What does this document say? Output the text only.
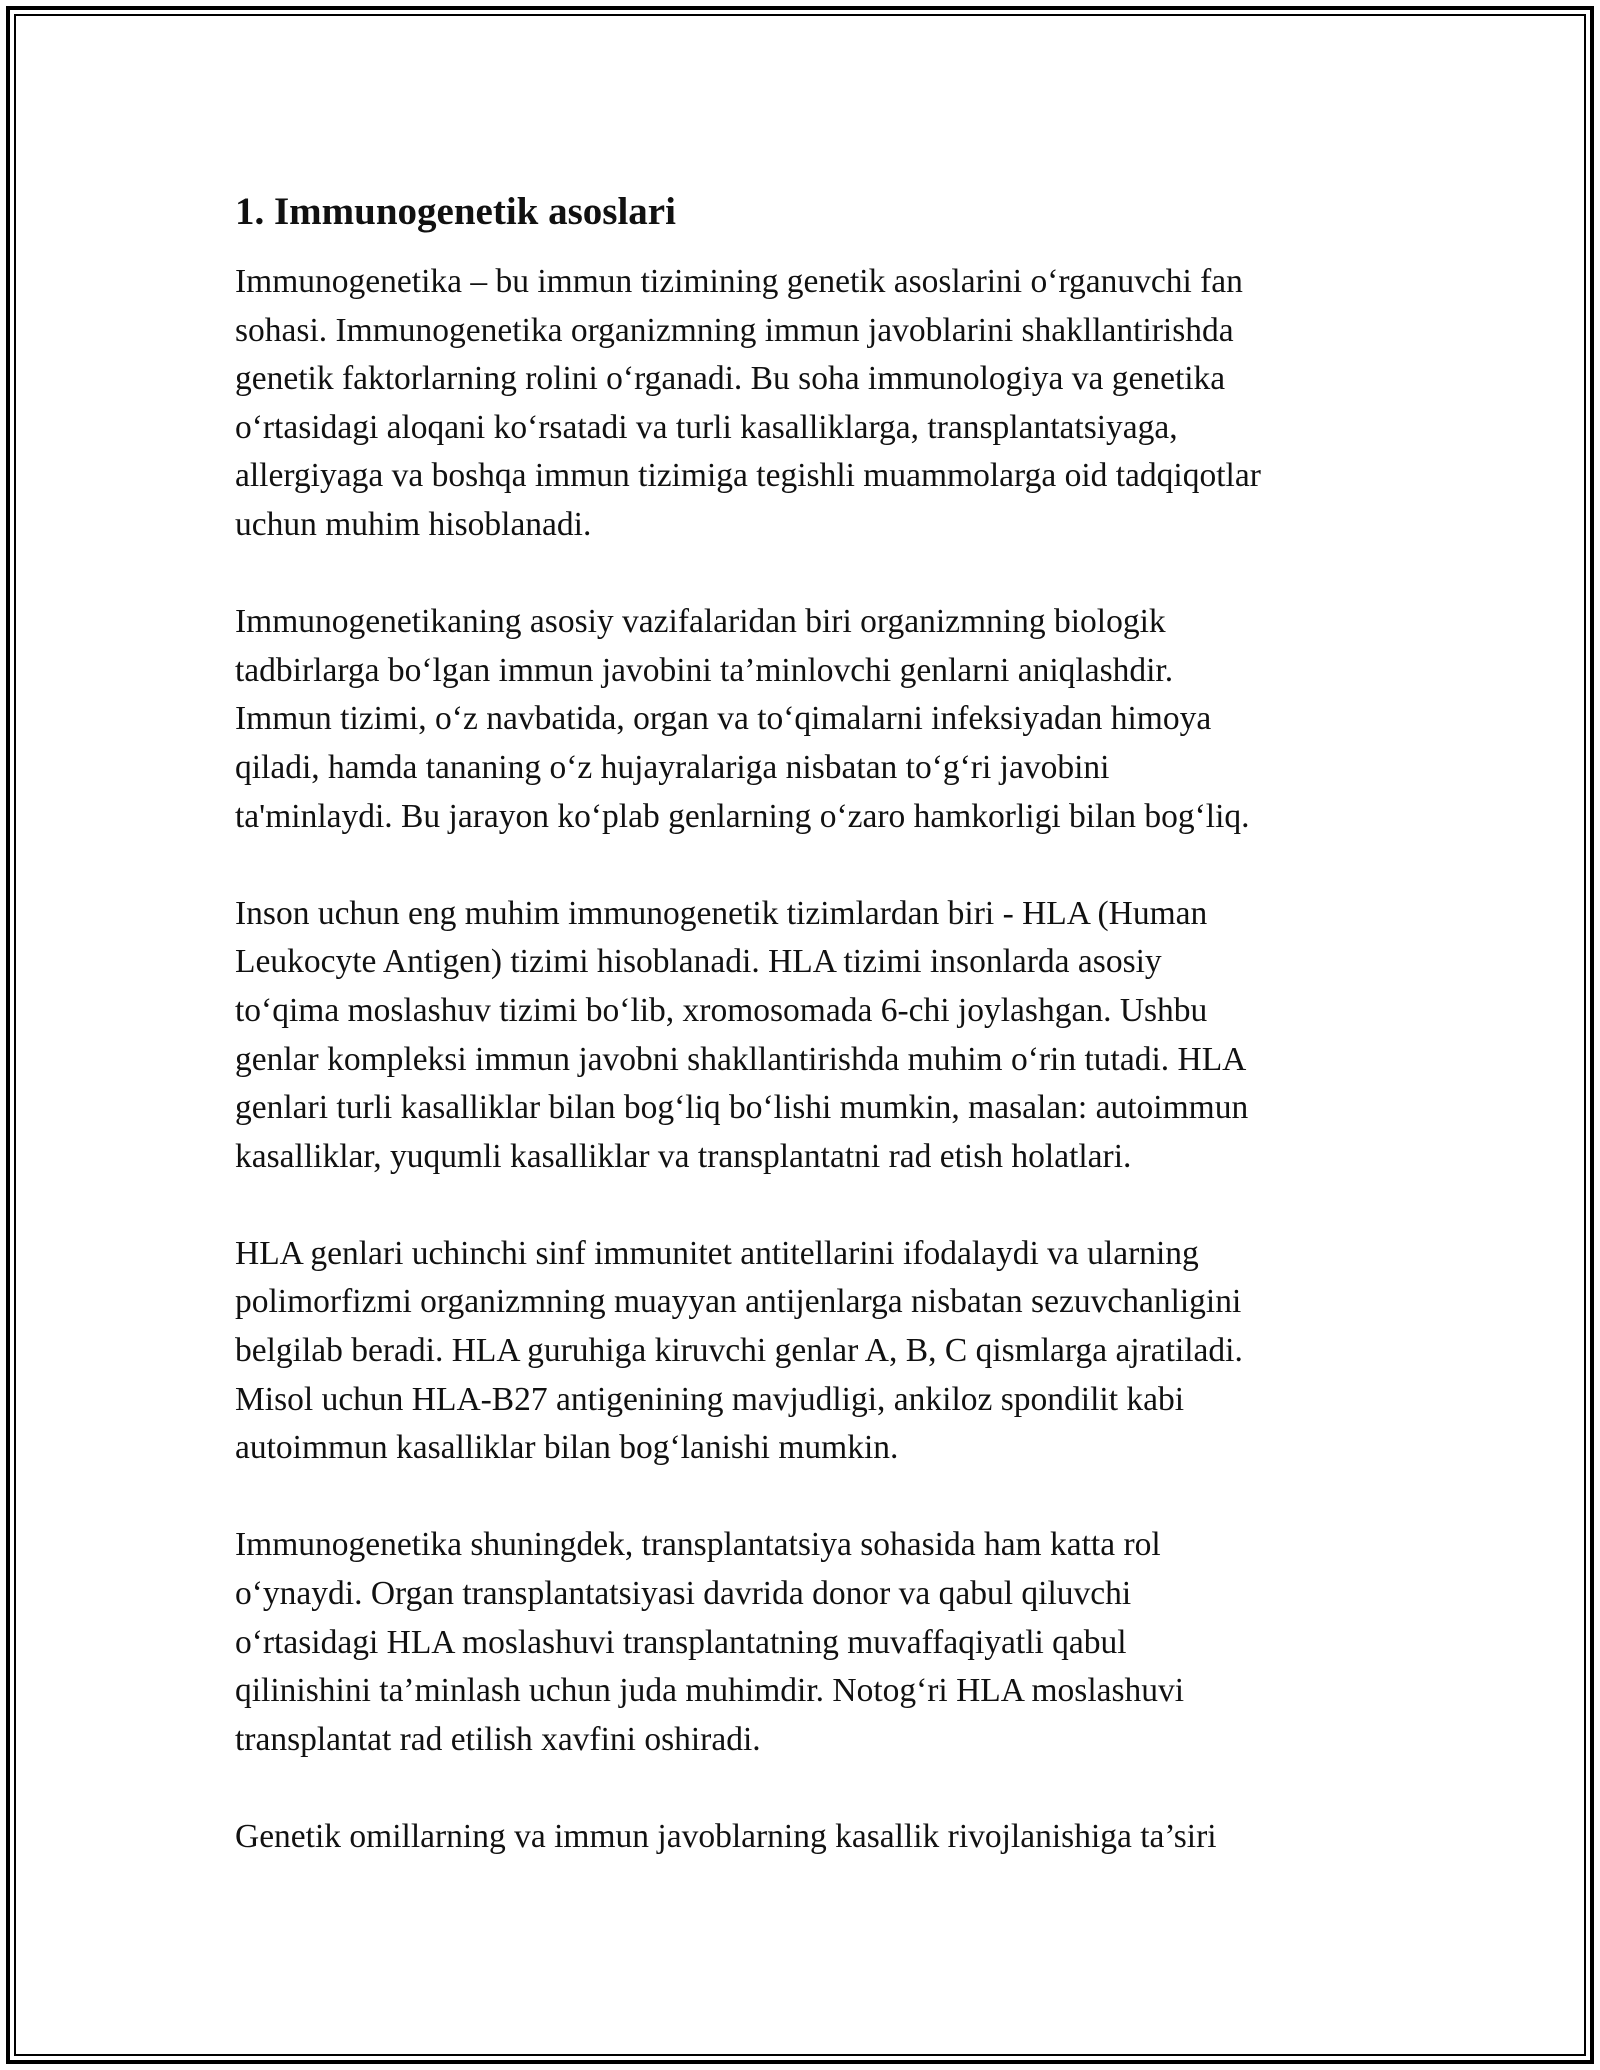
1. Immunogenetik asoslari

Immunogenetika – bu immun tizimining genetik asoslarini o‘rganuvchi fan
sohasi. Immunogenetika organizmning immun javoblarini shakllantirishda
genetik faktorlarning rolini o‘rganadi. Bu soha immunologiya va genetika
o‘rtasidagi aloqani ko‘rsatadi va turli kasalliklarga, transplantatsiyaga,
allergiyaga va boshqa immun tizimiga tegishli muammolarga oid tadqiqotlar
uchun muhim hisoblanadi.

Immunogenetikaning asosiy vazifalaridan biri organizmning biologik
tadbirlarga bo‘lgan immun javobini ta’minlovchi genlarni aniqlashdir.
Immun tizimi, o‘z navbatida, organ va to‘qimalarni infeksiyadan himoya
qiladi, hamda tananing o‘z hujayralariga nisbatan to‘g‘ri javobini
ta'minlaydi. Bu jarayon ko‘plab genlarning o‘zaro hamkorligi bilan bog‘liq.

Inson uchun eng muhim immunogenetik tizimlardan biri - HLA (Human
Leukocyte Antigen) tizimi hisoblanadi. HLA tizimi insonlarda asosiy
to‘qima moslashuv tizimi bo‘lib, xromosomada 6-chi joylashgan. Ushbu
genlar kompleksi immun javobni shakllantirishda muhim o‘rin tutadi. HLA
genlari turli kasalliklar bilan bog‘liq bo‘lishi mumkin, masalan: autoimmun
kasalliklar, yuqumli kasalliklar va transplantatni rad etish holatlari.

HLA genlari uchinchi sinf immunitet antitellarini ifodalaydi va ularning
polimorfizmi organizmning muayyan antijenlarga nisbatan sezuvchanligini
belgilab beradi. HLA guruhiga kiruvchi genlar A, B, C qismlarga ajratiladi.
Misol uchun HLA-B27 antigenining mavjudligi, ankiloz spondilit kabi
autoimmun kasalliklar bilan bog‘lanishi mumkin.

Immunogenetika shuningdek, transplantatsiya sohasida ham katta rol
o‘ynaydi. Organ transplantatsiyasi davrida donor va qabul qiluvchi
o‘rtasidagi HLA moslashuvi transplantatning muvaffaqiyatli qabul
qilinishini ta’minlash uchun juda muhimdir. Notog‘ri HLA moslashuvi
transplantat rad etilish xavfini oshiradi.

Genetik omillarning va immun javoblarning kasallik rivojlanishiga ta’siri
